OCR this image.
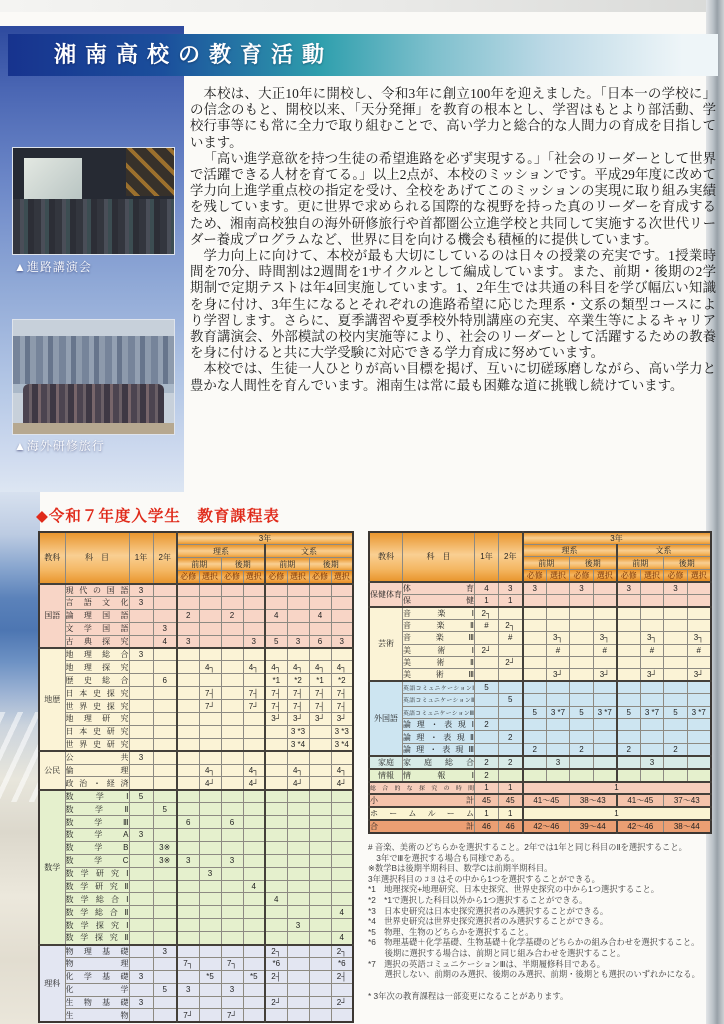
湘南高校の教育活動

本校は、大正10年に開校し、令和3年に創立100年を迎えました。「日本一の学校に」の信念のもと、開校以来、「天分発揮」を教育の根本とし、学習はもとより部活動、学校行事等にも常に全力で取り組むことで、高い学力と総合的な人間力の育成を目指しています。

「高い進学意欲を持つ生徒の希望進路を必ず実現する。」「社会のリーダーとして世界で活躍できる人材を育てる。」以上2点が、本校のミッションです。平成29年度に改めて学力向上進学重点校の指定を受け、全校をあげてこのミッションの実現に取り組み実績を残しています。更に世界で求められる国際的な視野を持った真のリーダーを育成するため、湘南高校独自の海外研修旅行や首都圏公立進学校と共同して実施する次世代リーダー養成プログラムなど、世界に目を向ける機会も積極的に提供しています。

学力向上に向けて、本校が最も大切にしているのは日々の授業の充実です。1授業時間を70分、時間割は2週間を1サイクルとして編成しています。また、前期・後期の2学期制で定期テストは年4回実施しています。1、2年生では共通の科目を学び幅広い知識を身に付け、3年生になるとそれぞれの進路希望に応じた理系・文系の類型コースにより学習します。さらに、夏季講習や夏季校外特別講座の充実、卒業生等によるキャリア教育講演会、外部模試の校内実施等により、社会のリーダーとして活躍するための教養を身に付けると共に大学受験に対応できる学力育成に努めています。

本校では、生徒一人ひとりが高い目標を掲げ、互いに切磋琢磨しながら、高い学力と豊かな人間性を育んでいます。湘南生は常に最も困難な道に挑戦し続けています。

▲進路講演会
▲海外研修旅行
◆令和７年度入学生　教育課程表
教科	科　目	1年	2年	3年							
				理系				文系			
				前期		後期		前期		後期	
				必修	選択	必修	選択	必修	選択	必修	選択
国語	現代の国語	3									
	言語文化	3									
	論理国語			2		2		4		4	
	文学国語		3								
	古典探究		4	3			3	5	3	6	3
地歴	地理総合	3									
	地理探究				4┐		4┐	4┐	4┐	4┐	4┐
	歴史総合		6					*1	*2	*1	*2
	日本史探究				7┤		7┤	7┤	7┤	7┤	7┤
	世界史探究				7┘		7┘	7┤	7┤	7┤	7┤
	地理研究							3┘	3┘	3┘	3┘
	日本史研究								3 *3		3 *3
	世界史研究								3 *4		3 *4
公民	公共	3									
	倫理				4┐		4┐		4┐		4┐
	政治・経済				4┘		4┘		4┘		4┘
数学	数学Ⅰ	5									
	数学Ⅱ		5								
	数学Ⅲ			6		6					
	数学A	3									
	数学B		3※								
	数学C		3※	3		3					
	数学研究Ⅰ				3						
	数学研究Ⅱ						4				
	数学総合Ⅰ							4			
	数学総合Ⅱ										4
	数学探究Ⅰ								3		
	数学探究Ⅱ										4
理科	物理基礎		3					2┐			2┐
	物理			7┐		7┐		*6			*6
	化学基礎	3			*5		*5	2┤			2┤
	化学		5	3		3					
	生物基礎	3						2┘			2┘
	生物			7┘		7┘					
教科	科　目	1年	2年	3年							
				理系				文系			
				前期		後期		前期		後期	
				必修	選択	必修	選択	必修	選択	必修	選択
保健体育	体育	4	3	3		3		3		3	
	保健	1	1								
芸術	音楽Ⅰ	2┐									
	音楽Ⅱ	#	2┐								
	音楽Ⅲ		#		3┐		3┐		3┐		3┐
	美術Ⅰ	2┘			#		#		#		#
	美術Ⅱ		2┘								
	美術Ⅲ				3┘		3┘		3┘		3┘
外国語	英語コミュニケーションⅠ	5									
	英語コミュニケーションⅡ		5								
	英語コミュニケーションⅢ			5	3 *7	5	3 *7	5	3 *7	5	3 *7
	論理・表現Ⅰ	2									
	論理・表現Ⅱ		2								
	論理・表現Ⅲ			2		2		2		2	
家庭	家庭総合	2	2		3				3		
情報	情報Ⅰ	2									
総合的な探究の時間		1	1	1							
小　計		45	45	41～45		38～43		41～45		37～43	
ホームルーム		1	1	1							
合　計		46	46	42～46		39～44		42～46		38～44	
# 音楽、美術のどちらかを選択すること。2年では1年と同じ科目のⅡを選択すること。
　3年でⅢを選択する場合も同様である。
※数学Bは後期半期科目、数学Cは前期半期科目。
3年選択科目の ｺ ﾖ はその中から1つを選択することができる。
*1　地理探究+地理研究、日本史探究、世界史探究の中から1つ選択すること。
*2　*1で選択した科目以外から1つ選択することができる。
*3　日本史研究は日本史探究選択者のみ選択することができる。
*4　世界史研究は世界史探究選択者のみ選択することができる。
*5　物理、生物のどちらかを選択すること。
*6　物理基礎＋化学基礎、生物基礎＋化学基礎のどちらかの組み合わせを選択すること。
　　後期に選択する場合は、前期と同じ組み合わせを選択すること。
*7　選択の英語コミュニケーションⅢは、半期履修科目である。
　　選択しない、前期のみ選択、後期のみ選択、前期・後期とも選択のいずれかになる。
* 3年次の教育課程は一部変更になることがあります。
